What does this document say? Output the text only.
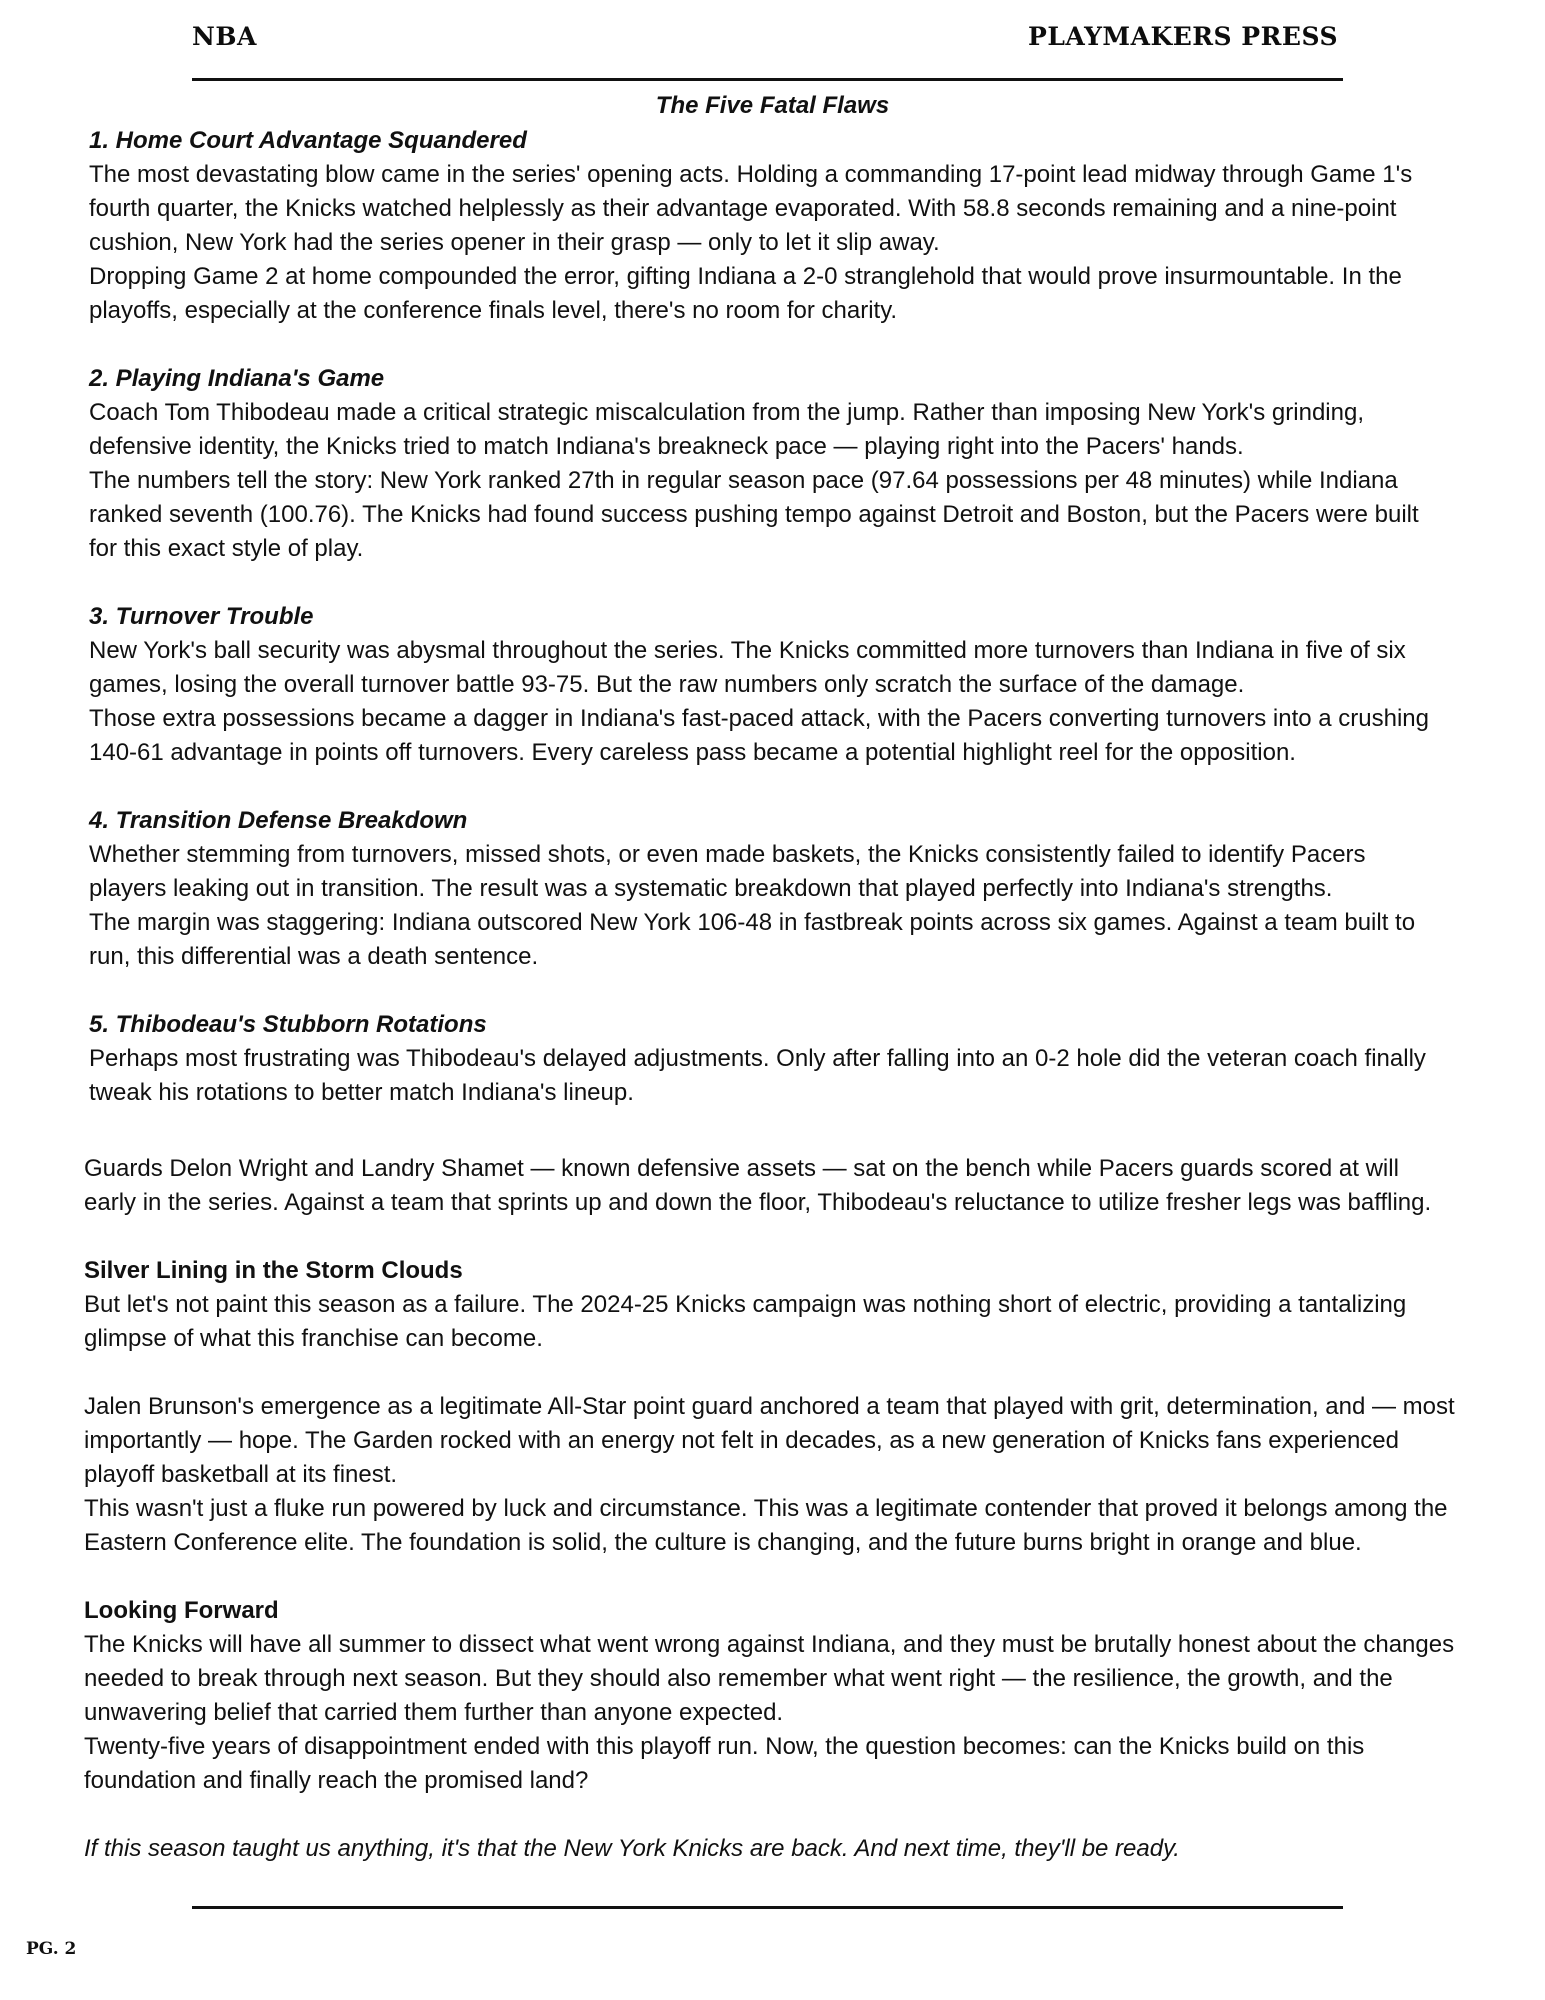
NBA	PLAYMAKERS PRESS
The Five Fatal Flaws

1. Home Court Advantage Squandered

The most devastating blow came in the series' opening acts. Holding a commanding 17-point lead midway through Game 1's

fourth quarter, the Knicks watched helplessly as their advantage evaporated. With 58.8 seconds remaining and a nine-point

cushion, New York had the series opener in their grasp — only to let it slip away.

Dropping Game 2 at home compounded the error, gifting Indiana a 2-0 stranglehold that would prove insurmountable. In the

playoffs, especially at the conference finals level, there's no room for charity.

2. Playing Indiana's Game

Coach Tom Thibodeau made a critical strategic miscalculation from the jump. Rather than imposing New York's grinding,

defensive identity, the Knicks tried to match Indiana's breakneck pace — playing right into the Pacers' hands.

The numbers tell the story: New York ranked 27th in regular season pace (97.64 possessions per 48 minutes) while Indiana

ranked seventh (100.76). The Knicks had found success pushing tempo against Detroit and Boston, but the Pacers were built

for this exact style of play.

3. Turnover Trouble

New York's ball security was abysmal throughout the series. The Knicks committed more turnovers than Indiana in five of six

games, losing the overall turnover battle 93-75. But the raw numbers only scratch the surface of the damage.

Those extra possessions became a dagger in Indiana's fast-paced attack, with the Pacers converting turnovers into a crushing

140-61 advantage in points off turnovers. Every careless pass became a potential highlight reel for the opposition.

4. Transition Defense Breakdown

Whether stemming from turnovers, missed shots, or even made baskets, the Knicks consistently failed to identify Pacers

players leaking out in transition. The result was a systematic breakdown that played perfectly into Indiana's strengths.

The margin was staggering: Indiana outscored New York 106-48 in fastbreak points across six games. Against a team built to

run, this differential was a death sentence.

5. Thibodeau's Stubborn Rotations

Perhaps most frustrating was Thibodeau's delayed adjustments. Only after falling into an 0-2 hole did the veteran coach finally

tweak his rotations to better match Indiana's lineup.

Guards Delon Wright and Landry Shamet — known defensive assets — sat on the bench while Pacers guards scored at will

early in the series. Against a team that sprints up and down the floor, Thibodeau's reluctance to utilize fresher legs was baffling.

Silver Lining in the Storm Clouds

But let's not paint this season as a failure. The 2024-25 Knicks campaign was nothing short of electric, providing a tantalizing

glimpse of what this franchise can become.

Jalen Brunson's emergence as a legitimate All-Star point guard anchored a team that played with grit, determination, and — most

importantly — hope. The Garden rocked with an energy not felt in decades, as a new generation of Knicks fans experienced

playoff basketball at its finest.

This wasn't just a fluke run powered by luck and circumstance. This was a legitimate contender that proved it belongs among the

Eastern Conference elite. The foundation is solid, the culture is changing, and the future burns bright in orange and blue.

Looking Forward

The Knicks will have all summer to dissect what went wrong against Indiana, and they must be brutally honest about the changes

needed to break through next season. But they should also remember what went right — the resilience, the growth, and the

unwavering belief that carried them further than anyone expected.

Twenty-five years of disappointment ended with this playoff run. Now, the question becomes: can the Knicks build on this

foundation and finally reach the promised land?

If this season taught us anything, it's that the New York Knicks are back. And next time, they'll be ready.

PG. 2
